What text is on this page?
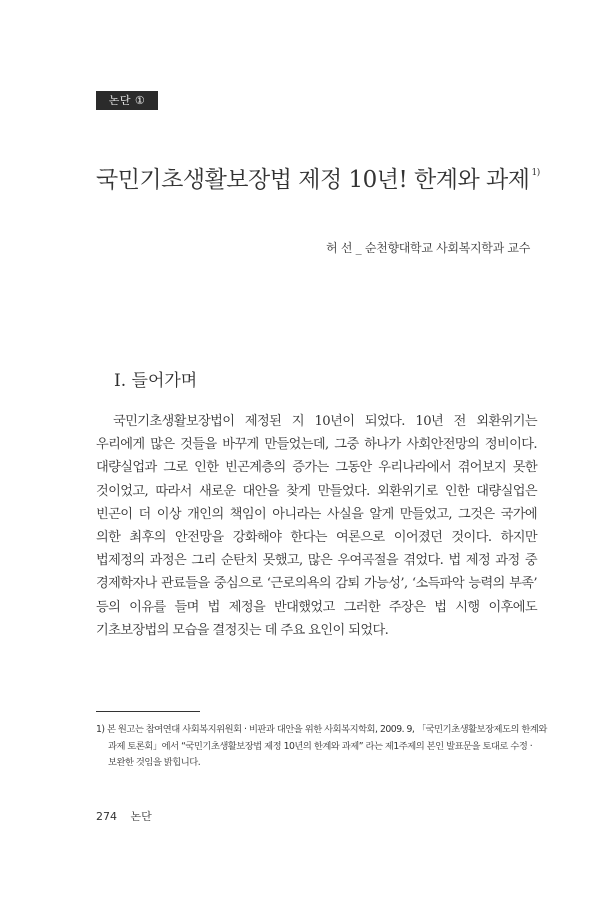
논단 ①
국민기초생활보장법 제정 10년! 한계와 과제 $^{1)}$
허 선 _ 순천향대학교 사회복지학과 교수
I. 들어가며

국민기초생활보장법이 제정된 지 10년이 되었다. 10년 전 외환위기는 우리에게 많은 것들을 바꾸게 만들었는데, 그중 하나가 사회안전망의 정비이다. 대량실업과 그로 인한 빈곤계층의 증가는 그동안 우리나라에서 겪어보지 못한 것이었고, 따라서 새로운 대안을 찾게 만들었다. 외환위기로 인한 대량실업은 빈곤이 더 이상 개인의 책임이 아니라는 사실을 알게 만들었고, 그것은 국가에 의한 최후의 안전망을 강화해야 한다는 여론으로 이어졌던 것이다. 하지만 법제정의 과정은 그리 순탄치 못했고, 많은 우여곡절을 겪었다. 법 제정 과정 중 경제학자나 관료들을 중심으로 ‘근로의욕의 감퇴 가능성’, ‘소득파악 능력의 부족’ 등의 이유를 들며 법 제정을 반대했었고 그러한 주장은 법 시행 이후에도 기초보장법의 모습을 결정짓는 데 주요 요인이 되었다.

1) 본 원고는 참여연대 사회복지위원회 · 비판과 대안을 위한 사회복지학회, 2009. 9, 「국민기초생활보장제도의 한계와 과제 토론회」에서 “국민기초생활보장법 제정 10년의 한계와 과제” 라는 제1주제의 본인 발표문을 토대로 수정 · 보완한 것임을 밝힙니다.

274 논단
